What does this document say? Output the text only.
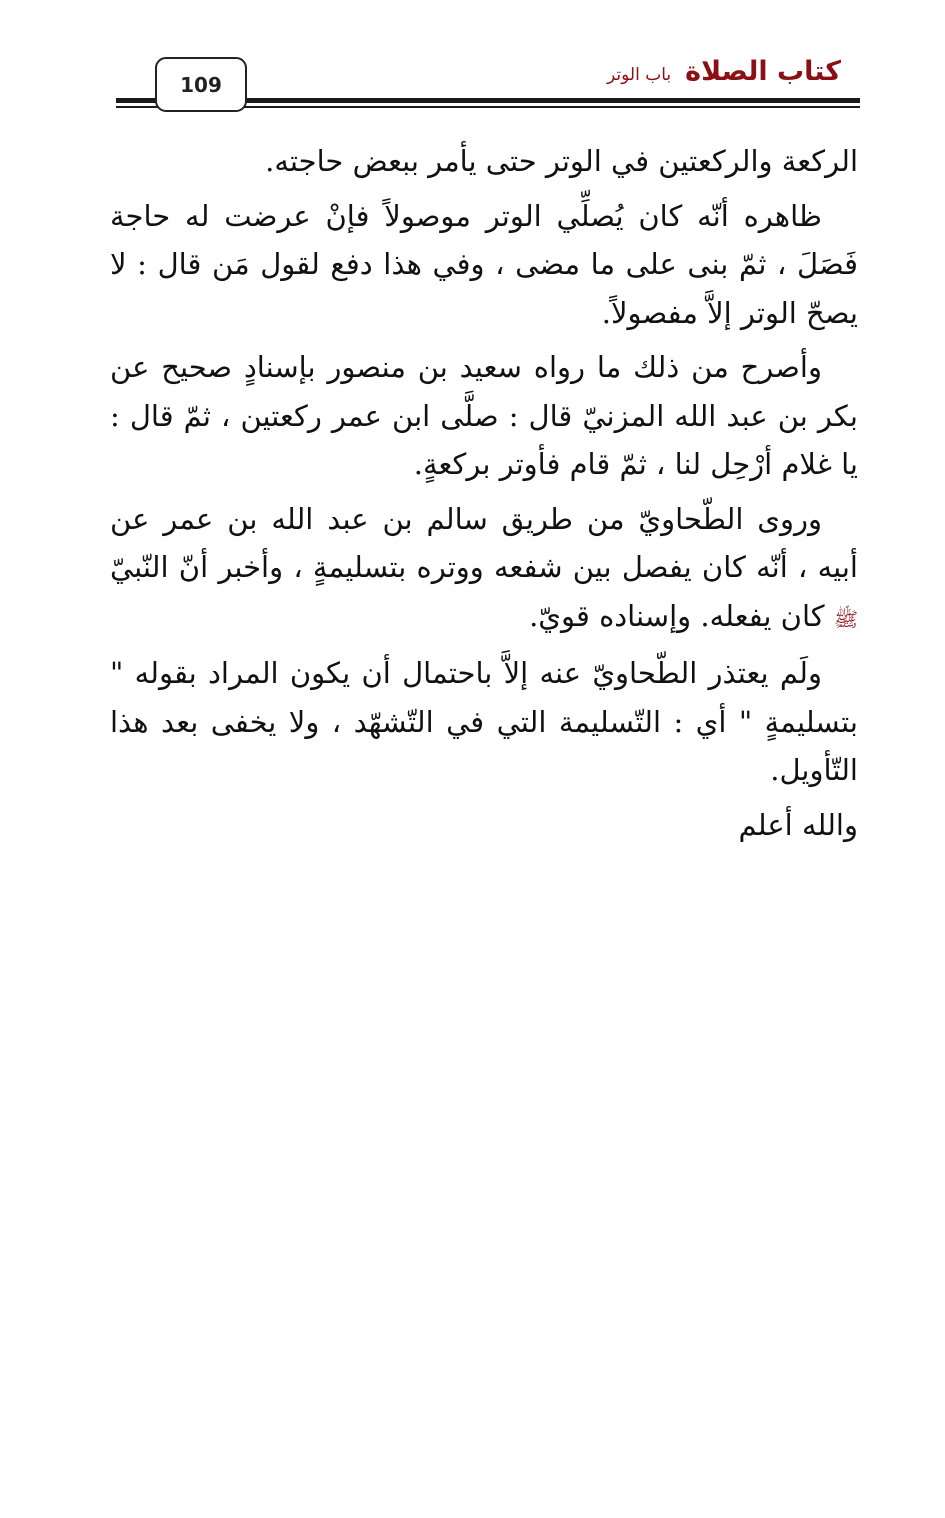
109	كتاب الصلاة
باب الوتر

الركعة والركعتين في الوتر حتى يأمر ببعض حاجته.

ظاهره أنّه كان يُصلِّي الوتر موصولاً فإنْ عرضت له حاجة فَصَلَ ، ثمّ بنى على ما مضى ، وفي هذا دفع لقول مَن قال : لا يصحّ الوتر إلاَّ مفصولاً.

وأصرح من ذلك ما رواه سعيد بن منصور بإسنادٍ صحيح عن بكر بن عبد الله المزنيّ قال : صلَّى ابن عمر ركعتين ، ثمّ قال : يا غلام أرْحِل لنا ، ثمّ قام فأوتر بركعةٍ.

وروى الطّحاويّ من طريق سالم بن عبد الله بن عمر عن أبيه ، أنّه كان يفصل بين شفعه ووتره بتسليمةٍ ، وأخبر أنّ النّبيّ ﷺ كان يفعله. وإسناده قويّ.

ولَم يعتذر الطّحاويّ عنه إلاَّ باحتمال أن يكون المراد بقوله " بتسليمةٍ " أي : التّسليمة التي في التّشهّد ، ولا يخفى بعد هذا التّأويل.

والله أعلم
